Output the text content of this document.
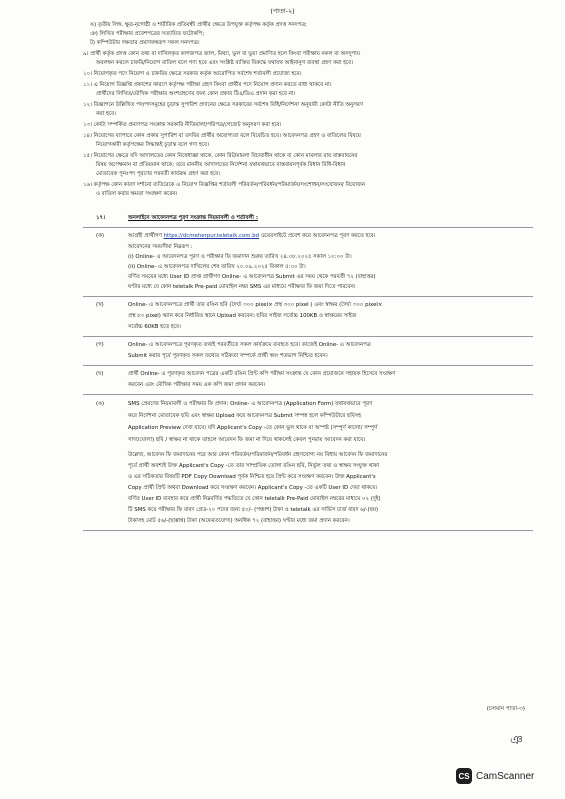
(পাতা-২)
ঙ) তৃতীয় লিঙ্গ, ক্ষুদ্র-নৃগোষ্ঠী ও শারীরিক প্রতিবন্ধী প্রার্থীর ক্ষেত্রে উপযুক্ত কর্তৃপক্ষ কর্তৃক প্রদত্ত সনদপত্র;
ঞ) লিখিত পরীক্ষার প্রবেশপত্রের সত্যায়িত ফটোকপি;
ট) কম্পিউটার দক্ষতার প্রমাণকস্বরূপ সকল সনদপত্র।
৯। প্রার্থী কর্তৃক প্রদত্ত কোন তথ্য বা দাখিলকৃত কাগজপত্র জাল, মিথ্যা, ভুল বা ভুয়া প্রমাণিত হলে কিংবা পরীক্ষায় নকল বা অসদুপায়
অবলম্বন করলে চাকরি/নিয়োগ বাতিল বলে গণ্য হবে এবং সংশ্লিষ্ট ব্যক্তির বিরুদ্ধে যথাযথ আইনানুগ ব্যবস্থা গ্রহণ করা হবে।
১০। নিয়োগকৃত পদে নিয়োগ ও চাকরির ক্ষেত্রে সরকার কর্তৃক আরোপিত সর্বশেষ শর্তাবলী প্রযোজ্য হবে।
১১। এ নিয়োগ বিজ্ঞপ্তি প্রকাশের কারণে কর্তৃপক্ষ পরীক্ষা গ্রহণ কিংবা প্রার্থীর পদে নিয়োগ প্রদান করতে বাধ্য থাকবে না।
প্রার্থীদের লিখিত/মৌখিক পরীক্ষার অংশগ্রহণের জন্য কোন প্রকার টিএ/ডিএ প্রদান করা হবে না।
১২। বিজ্ঞাপনে উল্লিখিত পদ/পদসমূহের চূড়ান্ত সুপারিশ প্রদানের ক্ষেত্রে সরকারের সর্বশেষ বিধি/নির্দেশনা অনুযায়ী কোটা নীতি অনুসরণ
করা হবে।
১৩। কোটা সম্পর্কিত প্রমাণপত্র সংক্রান্ত সরকারি নীতিমালা/পরিপত্র/গেজেট অনুসরণ করা হবে।
১৪। নিয়োগের ব্যাপারে কোন প্রকার সুপারিশ বা তদবির প্রার্থীর অযোগ্যতা বলে বিবেচিত হবে। আবেদনপত্র গ্রহণ ও বাতিলের বিষয়ে
নিয়োগকারী কর্তৃপক্ষের সিদ্ধান্তই চূড়ান্ত বলে গণ্য হবে।
১৫। নিয়োগের ক্ষেত্রে যদি আদালতের কোন নিষেধাজ্ঞা থাকে, কোন রিট/মামলা বিচারাধীন থাকে বা কোন মামলার রায় বাস্তবায়নের
বিষয় অপেক্ষমান বা প্রতিয়মান থাকে; তবে মাননীয় আদালতের নির্দেশনা যথাযথভাবে বাস্তবায়নপূর্বক বিধান বিধি-বিধান
মোতাবেক পুনঃপদ পূরণের পরবর্তী কার্যক্রম গ্রহণ করা হবে।
১৬। কর্তৃপক্ষ কোন কারণ দর্শানো ব্যতিরেকে এ নিয়োগ বিজ্ঞপ্তির শর্তাবলী পরিবর্তন/পরিবর্ধন/পরিমার্জন/সংশোধন/সংযোজন/ বিয়োজন
ও বাতিল করার ক্ষমতা সংরক্ষণ করেন।
১৭।	অনলাইনে আবেদনপত্র পূরণ সংক্রান্ত নিয়মাবলী ও শর্তাবলী :
(ক)	আগ্রহী প্রার্থীগণ https://dcmeherpur.teletalk.com.bd ওয়েবসাইটে প্রবেশ করে আবেদনপত্র পূরণ করতে হবে।
আবেদনের সময়সীমা নিম্নরূপ :
(i) Online- এ আবেদনপত্র পূরণ ও পরীক্ষার ফি জমাদান শুরুর তারিখ ২৪.০৮.২০২৫ সকাল ১০:০০ টা।
(ii) Online- এ আবেদনপত্র দাখিলের শেষ তারিখ ২০.০৯.২০২৫ বিকাল ৫:০০ টা।
বর্ণিত সময়ের মধ্যে User ID প্রাপ্ত প্রার্থীগণ Online- এ আবেদনপত্র Submit এর সময় থেকে পরবর্তী ৭২ (বাহাত্তর)
ঘণ্টার মধ্যে যে কোন teletalk Pre-paid মোবাইল নম্বর SMS এর মাধ্যমে পরীক্ষার ফি জমা দিতে পারবেন।
(খ)	Online- এ আবেদনপত্রে প্রার্থী তার রঙিন ছবি (দৈর্ঘ্য ৩০০ pixel× প্রস্থ ৩০০ pixel ) এবং স্বাক্ষর (দৈর্ঘ্য ৩০০ pixel×
প্রস্থ ৮০ pixel) স্ক্যান করে নির্ধারিত স্থানে Upload করবেন। ছবির সাইজ সর্বোচ্চ 100KB ও স্বাক্ষরের সাইজ
সর্বোচ্চ 60KB হতে হবে।
(গ)	Online- এ আবেদনপত্রে পূরণকৃত তথ্যই পরবর্তীতে সকল কার্যক্রমে ব্যবহৃত হবে। কাজেই Online- এ আবেদনপত্র
Submit করার পূর্বে পূরণকৃত সকল তথ্যের সঠিকতা সম্পর্কে প্রার্থী স্বয়ং শতভাগ নিশ্চিত হবেন।
(ঘ)	প্রার্থী Online- এ পূরণকৃত আবেদন পত্রের একটি রঙিন প্রিন্ট কপি পরীক্ষা সংক্রান্ত যে কোন প্রয়োজনে সহায়ক হিসেবে সংরক্ষণ
করবেন এবং মৌখিক পরীক্ষার সময় এক কপি জমা প্রদান করবেন।
(ঙ)	SMS প্রেরণের নিয়মাবলী ও পরীক্ষার ফি প্রদান: Online- এ আবেদনপত্র (Application Form) যথাযথভাবে পূরণ
করে নির্দেশনা মোতাবেক ছবি এবং স্বাক্ষর Upload করে আবেদনপত্র Submit সম্পন্ন হলে কম্পিউটারে ছবিসহ
Application Preview দেখা যাবে। যদি Applicant's Copy -তে কোন ভুল থাকে বা অস্পষ্ট (সম্পূর্ণ কালো/ সম্পূর্ণ
সাদা/ঘোলা) ছবি / স্বাক্ষর না থাকে তাহলে আবেদন ফি জমা না দিয়ে থাকলেই কেবল পুনরায় আবেদন করা যাবে।
উল্লেখ্য, আবেদন ফি জমাদানের পরে আর কোন পরিবর্তন/পরিমার্জন/পরিবর্ধন গ্রহণযোগ্য নয় বিধায় আবেদন ফি জমাদানের
পূর্বে প্রার্থী অবশ্যই উক্ত Applicant's Copy -তে তার সাম্প্রতিক তোলা রঙিন ছবি, নির্ভুল তথ্য ও স্বাক্ষর সংযুক্ত থাকা
ও এর সঠিকতার বিষয়টি PDF Copy Download পূর্বক নিশ্চিত হয়ে প্রিন্ট করে সংরক্ষণ করবেন। উক্ত Applicant's
Copy প্রার্থী প্রিন্ট অথবা Download করে সংরক্ষণ করবেন। Applicant's Copy -তে একটি User ID দেয়া থাকবে।
বর্ণিত User ID ব্যবহার করে প্রার্থী নিম্নবর্ণিত পদ্ধতিতে যে কোন teletalk Pre-Paid মোবাইল নম্বরের মাধ্যমে ০২ (দুই)
টি SMS করে পরীক্ষার ফি বাবদ গ্রেড-২০ পদের জন্য ৫০/- (পঞ্চাশ) টাকা ও teletalk এর সার্ভিস চার্জ বাবদ ৬/-(ছয়)
টাকাসহ মোট ৫৬/-(ছাপ্পান্ন) টাকা (অফেরতযোগ্য) অনধিক ৭২ (বাহাত্তর) ঘণ্টার মধ্যে জমা প্রদান করবেন।
(চলমান পাতা-৩)
ঞ
CS CamScanner
